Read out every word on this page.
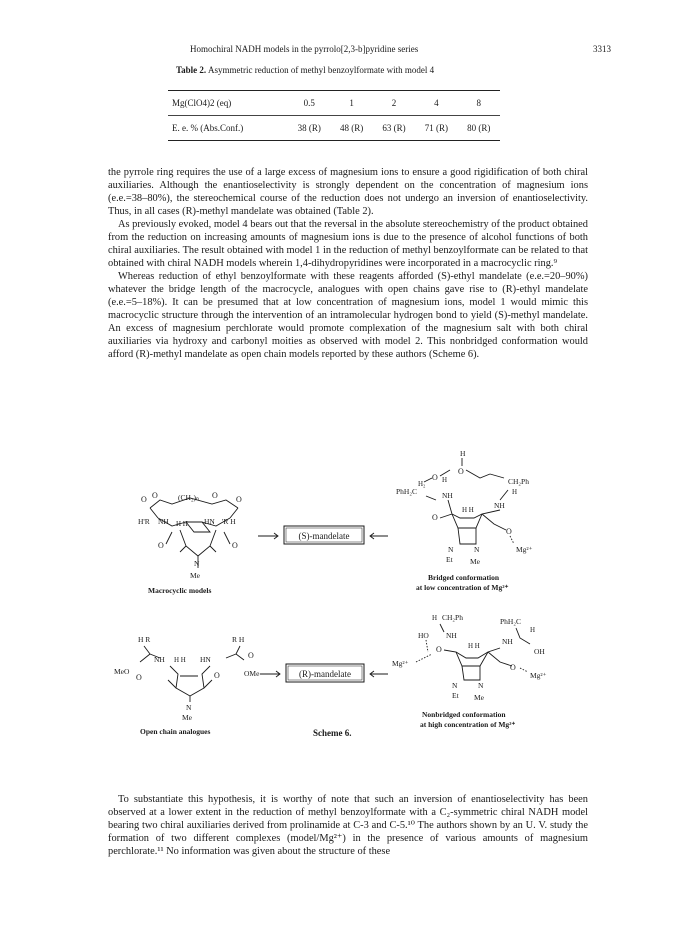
Homochiral NADH models in the pyrrolo[2,3-b]pyridine series	3313
Table 2. Asymmetric reduction of methyl benzoylformate with model 4
Mg(ClO4)2 (eq)	0.5	1	2	4	8
E. e. % (Abs.Conf.)	38 (R)	48 (R)	63 (R)	71 (R)	80 (R)

the pyrrole ring requires the use of a large excess of magnesium ions to ensure a good rigidification of both chiral auxiliaries. Although the enantioselectivity is strongly dependent on the concentration of magnesium ions (e.e.=38–80%), the stereochemical course of the reduction does not undergo an inversion of enantioselectivity. Thus, in all cases (R)-methyl mandelate was obtained (Table 2).

As previously evoked, model 4 bears out that the reversal in the absolute stereochemistry of the product obtained from the reduction on increasing amounts of magnesium ions is due to the presence of alcohol functions of both chiral auxiliaries. The result obtained with model 1 in the reduction of methyl benzoylformate can be related to that obtained with chiral NADH models wherein 1,4-dihydropyridines were incorporated in a macrocyclic ring.⁹

Whereas reduction of ethyl benzoylformate with these reagents afforded (S)-ethyl mandelate (e.e.=20–90%) whatever the bridge length of the macrocycle, analogues with open chains gave rise to (R)-ethyl mandelate (e.e.=5–18%). It can be presumed that at low concentration of magnesium ions, model 1 would mimic this macrocyclic structure through the intervention of an intramolecular hydrogen bond to yield (S)-methyl mandelate. An excess of magnesium perchlorate would promote complexation of the magnesium salt with both chiral auxiliaries via hydroxy and carbonyl moities as observed with model 2. This nonbridged conformation would afford (R)-methyl mandelate as open chain models reported by these authors (Scheme 6).

O O	(CH₂)ₙ O O
H'R NH H H HN 'R H
O	O
N
Me
Macrocyclic models
(S)-mandelate
H
O
O H
H₂
PhH₂C
CH₂Ph
H
NH
NH
H H
O
O
Mg²⁺
N	N
Et Me
Bridged conformation
at low concentration of Mg²⁺
H R	R H
NH H H HN	O
MeO	OMe
O	O
N
Me
Open chain analogues
(R)-mandelate
H CH₂Ph	PhH₂C
H
HO NH
H H	NH
OH
O
Mg²⁺	O
Mg²⁺
N	N
Et Me
Nonbridged conformation
at high concentration of Mg²⁺
Scheme 6.

To substantiate this hypothesis, it is worthy of note that such an inversion of enantioselectivity has been observed at a lower extent in the reduction of methyl benzoylformate with a C₂-symmetric chiral NADH model bearing two chiral auxiliaries derived from prolinamide at C-3 and C-5.¹⁰ The authors shown by an U. V. study the formation of two different complexes (model/Mg²⁺) in the presence of various amounts of magnesium perchlorate.¹¹ No information was given about the structure of these
